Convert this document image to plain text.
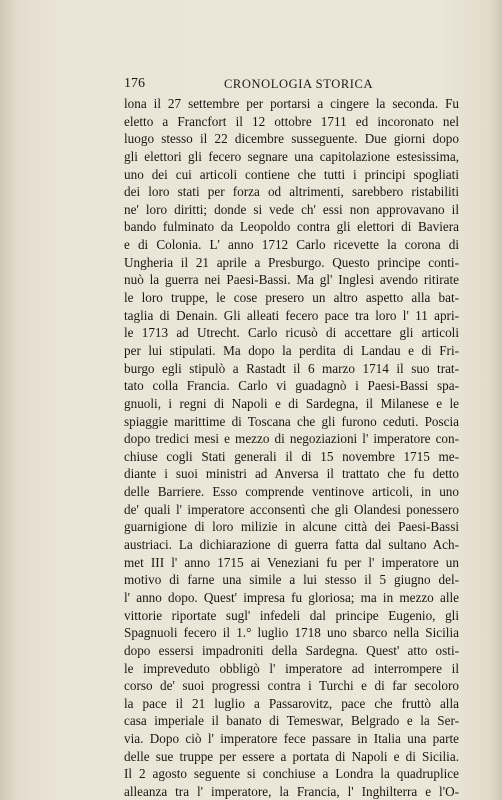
176	CRONOLOGIA STORICA
lona il 27 settembre per portarsi a cingere la seconda. Fu
eletto a Francfort il 12 ottobre 1711 ed incoronato nel
luogo stesso il 22 dicembre susseguente. Due giorni dopo
gli elettori gli fecero segnare una capitolazione estesissima,
uno dei cui articoli contiene che tutti i principi spogliati
dei loro stati per forza od altrimenti, sarebbero ristabiliti
ne' loro diritti; donde si vede ch' essi non approvavano il
bando fulminato da Leopoldo contra gli elettori di Baviera
e di Colonia. L' anno 1712 Carlo ricevette la corona di
Ungheria il 21 aprile a Presburgo. Questo principe conti-
nuò la guerra nei Paesi-Bassi. Ma gl' Inglesi avendo ritirate
le loro truppe, le cose presero un altro aspetto alla bat-
taglia di Denain. Gli alleati fecero pace tra loro l' 11 apri-
le 1713 ad Utrecht. Carlo ricusò di accettare gli articoli
per lui stipulati. Ma dopo la perdita di Landau e di Fri-
burgo egli stipulò a Rastadt il 6 marzo 1714 il suo trat-
tato colla Francia. Carlo vi guadagnò i Paesi-Bassi spa-
gnuoli, i regni di Napoli e di Sardegna, il Milanese e le
spiaggie marittime di Toscana che gli furono ceduti. Poscia
dopo tredici mesi e mezzo di negoziazioni l' imperatore con-
chiuse cogli Stati generali il di 15 novembre 1715 me-
diante i suoi ministri ad Anversa il trattato che fu detto
delle Barriere. Esso comprende ventinove articoli, in uno
de' quali l' imperatore acconsentì che gli Olandesi ponessero
guarnigione di loro milizie in alcune città dei Paesi-Bassi
austriaci. La dichiarazione di guerra fatta dal sultano Ach-
met III l' anno 1715 ai Veneziani fu per l' imperatore un
motivo di farne una simile a lui stesso il 5 giugno del-
l' anno dopo. Quest' impresa fu gloriosa; ma in mezzo alle
vittorie riportate sugl' infedeli dal principe Eugenio, gli
Spagnuoli fecero il 1.° luglio 1718 uno sbarco nella Sicilia
dopo essersi impadroniti della Sardegna. Quest' atto osti-
le impreveduto obbligò l' imperatore ad interrompere il
corso de' suoi progressi contra i Turchi e di far secoloro
la pace il 21 luglio a Passarovitz, pace che fruttò alla
casa imperiale il banato di Temeswar, Belgrado e la Ser-
via. Dopo ciò l' imperatore fece passare in Italia una parte
delle sue truppe per essere a portata di Napoli e di Sicilia.
Il 2 agosto seguente si conchiuse a Londra la quadruplice
alleanza tra l' imperatore, la Francia, l' Inghilterra e l'O-
